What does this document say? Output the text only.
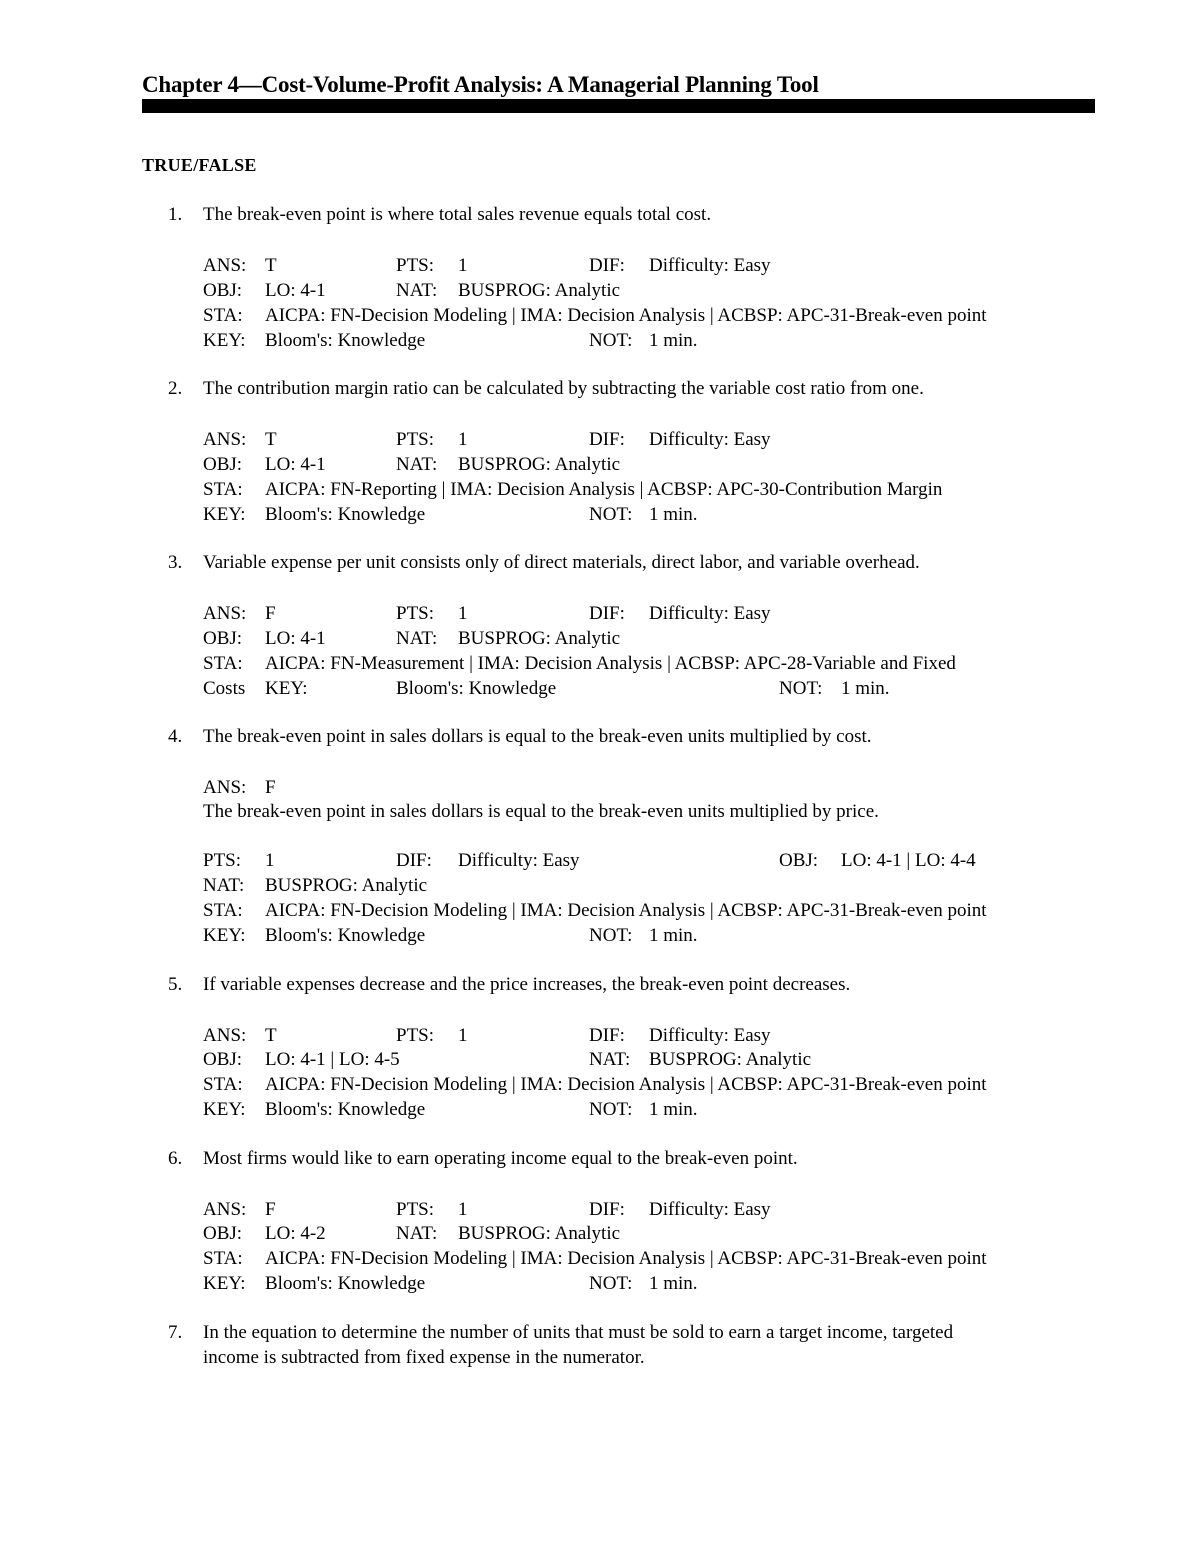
Chapter 4—Cost-Volume-Profit Analysis: A Managerial Planning Tool
TRUE/FALSE
1. The break-even point is where total sales revenue equals total cost.
ANS: T	PTS: 1	DIF: Difficulty: Easy
OBJ: LO: 4-1	NAT: BUSPROG: Analytic
STA: AICPA: FN-Decision Modeling | IMA: Decision Analysis | ACBSP: APC-31-Break-even point
KEY: Bloom's: Knowledge	NOT: 1 min.
2. The contribution margin ratio can be calculated by subtracting the variable cost ratio from one.
ANS: T	PTS: 1	DIF: Difficulty: Easy
OBJ: LO: 4-1	NAT: BUSPROG: Analytic
STA: AICPA: FN-Reporting | IMA: Decision Analysis | ACBSP: APC-30-Contribution Margin
KEY: Bloom's: Knowledge	NOT: 1 min.
3. Variable expense per unit consists only of direct materials, direct labor, and variable overhead.
ANS: F	PTS: 1	DIF: Difficulty: Easy
OBJ: LO: 4-1	NAT: BUSPROG: Analytic
STA: AICPA: FN-Measurement | IMA: Decision Analysis | ACBSP: APC-28-Variable and Fixed
Costs KEY:	Bloom's: Knowledge	NOT: 1 min.
4. The break-even point in sales dollars is equal to the break-even units multiplied by cost.
ANS: F
The break-even point in sales dollars is equal to the break-even units multiplied by price.
PTS: 1	DIF: Difficulty: Easy	OBJ: LO: 4-1 | LO: 4-4
NAT: BUSPROG: Analytic
STA: AICPA: FN-Decision Modeling | IMA: Decision Analysis | ACBSP: APC-31-Break-even point
KEY: Bloom's: Knowledge	NOT: 1 min.
5. If variable expenses decrease and the price increases, the break-even point decreases.
ANS: T	PTS: 1	DIF: Difficulty: Easy
OBJ: LO: 4-1 | LO: 4-5	NAT: BUSPROG: Analytic
STA: AICPA: FN-Decision Modeling | IMA: Decision Analysis | ACBSP: APC-31-Break-even point
KEY: Bloom's: Knowledge	NOT: 1 min.
6. Most firms would like to earn operating income equal to the break-even point.
ANS: F	PTS: 1	DIF: Difficulty: Easy
OBJ: LO: 4-2	NAT: BUSPROG: Analytic
STA: AICPA: FN-Decision Modeling | IMA: Decision Analysis | ACBSP: APC-31-Break-even point
KEY: Bloom's: Knowledge	NOT: 1 min.
7. In the equation to determine the number of units that must be sold to earn a target income, targeted
income is subtracted from fixed expense in the numerator.
